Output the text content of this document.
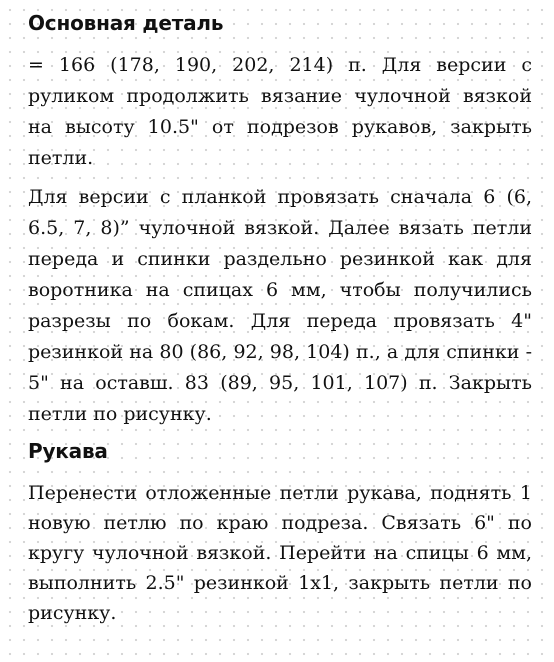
Основная деталь

= 166 (178, 190, 202, 214) п. Для версии с руликом продолжить вязание чулочной вязкой на высоту 10.5" от подрезов рукавов, закрыть петли.

Для версии с планкой провязать сначала 6 (6, 6.5, 7, 8)” чулочной вязкой. Далее вязать петли переда и спинки раздельно резинкой как для воротника на спицах 6 мм, чтобы получились разрезы по бокам. Для переда провязать 4" резинкой на 80 (86, 92, 98, 104) п., а для спинки - 5" на оставш. 83 (89, 95, 101, 107) п. Закрыть петли по рисунку.

Рукава

Перенести отложенные петли рукава, поднять 1 новую петлю по краю подреза. Связать 6" по кругу чулочной вязкой. Перейти на спицы 6 мм, выполнить 2.5" резинкой 1x1, закрыть петли по рисунку.
